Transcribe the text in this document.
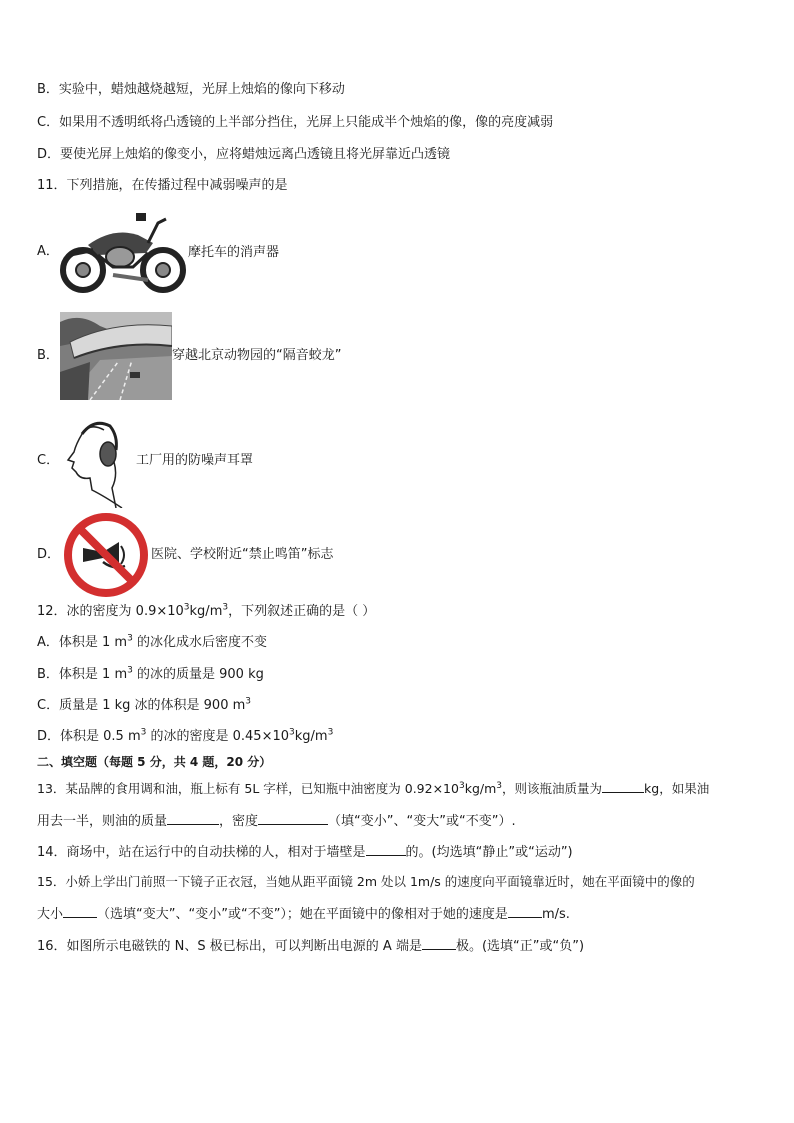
B．实验中，蜡烛越烧越短，光屏上烛焰的像向下移动
C．如果用不透明纸将凸透镜的上半部分挡住，光屏上只能成半个烛焰的像，像的亮度减弱
D．要使光屏上烛焰的像变小，应将蜡烛远离凸透镜且将光屏靠近凸透镜
11．下列措施，在传播过程中减弱噪声的是
A．	摩托车的消声器
B．	穿越北京动物园的“隔音蛟龙”
C．	工厂用的防噪声耳罩
D．	医院、学校附近“禁止鸣笛”标志
12．冰的密度为 $0.9\times 10^3kg/m^3$，下列叙述正确的是（ ）
A．体积是 1 $m^3$ 的冰化成水后密度不变
B．体积是 1 $m^3$ 的冰的质量是 900 kg
C．质量是 1 kg 冰的体积是 900 $m^3$
D．体积是 0.5 $m^3$ 的冰的密度是 $0.45\times 10^3kg/m^3$
二、填空题（每题 5 分，共 4 题，20 分）
13．某品牌的食用调和油，瓶上标有 5L 字样，已知瓶中油密度为 $0.92\times 10^3kg/m^3$，则该瓶油质量为	kg，如果油
用去一半，则油的质量	，密度	（填“变小”、“变大”或“不变”）.
14．商场中，站在运行中的自动扶梯的人，相对于墙壁是	的。(均选填“静止”或“运动”)
15．小娇上学出门前照一下镜子正衣冠，当她从距平面镜 2m 处以 1m/s 的速度向平面镜靠近时，她在平面镜中的像的
大小	（选填“变大”、“变小”或“不变”）；她在平面镜中的像相对于她的速度是	m/s.
16．如图所示电磁铁的 N、S 极已标出，可以判断出电源的 A 端是	极。(选填“正”或“负”)
